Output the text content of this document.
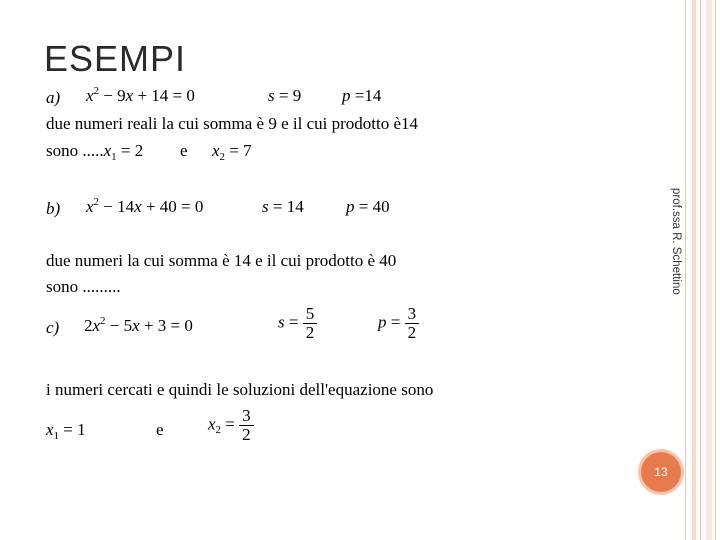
ESEMPI
prof.ssa R. Schettino
13
a) $x^2 - 9x + 14 = 0$	s = 9 p =14
due numeri reali la cui somma è 9 e il cui prodotto è14
sono $.....x_1 = 2$ e $x_2 = 7$
b) $x^2 - 14x + 40 = 0$	s = 14 p = 40
due numeri la cui somma è 14 e il cui prodotto è 40
sono .........
c) $2x^2 - 5x + 3 = 0$	$s = \frac{5}{2}$	$p = \frac{3}{2}$
i numeri cercati e quindi le soluzioni dell'equazione sono
$x_1 = 1$	e	$x_2 = \frac{3}{2}$
